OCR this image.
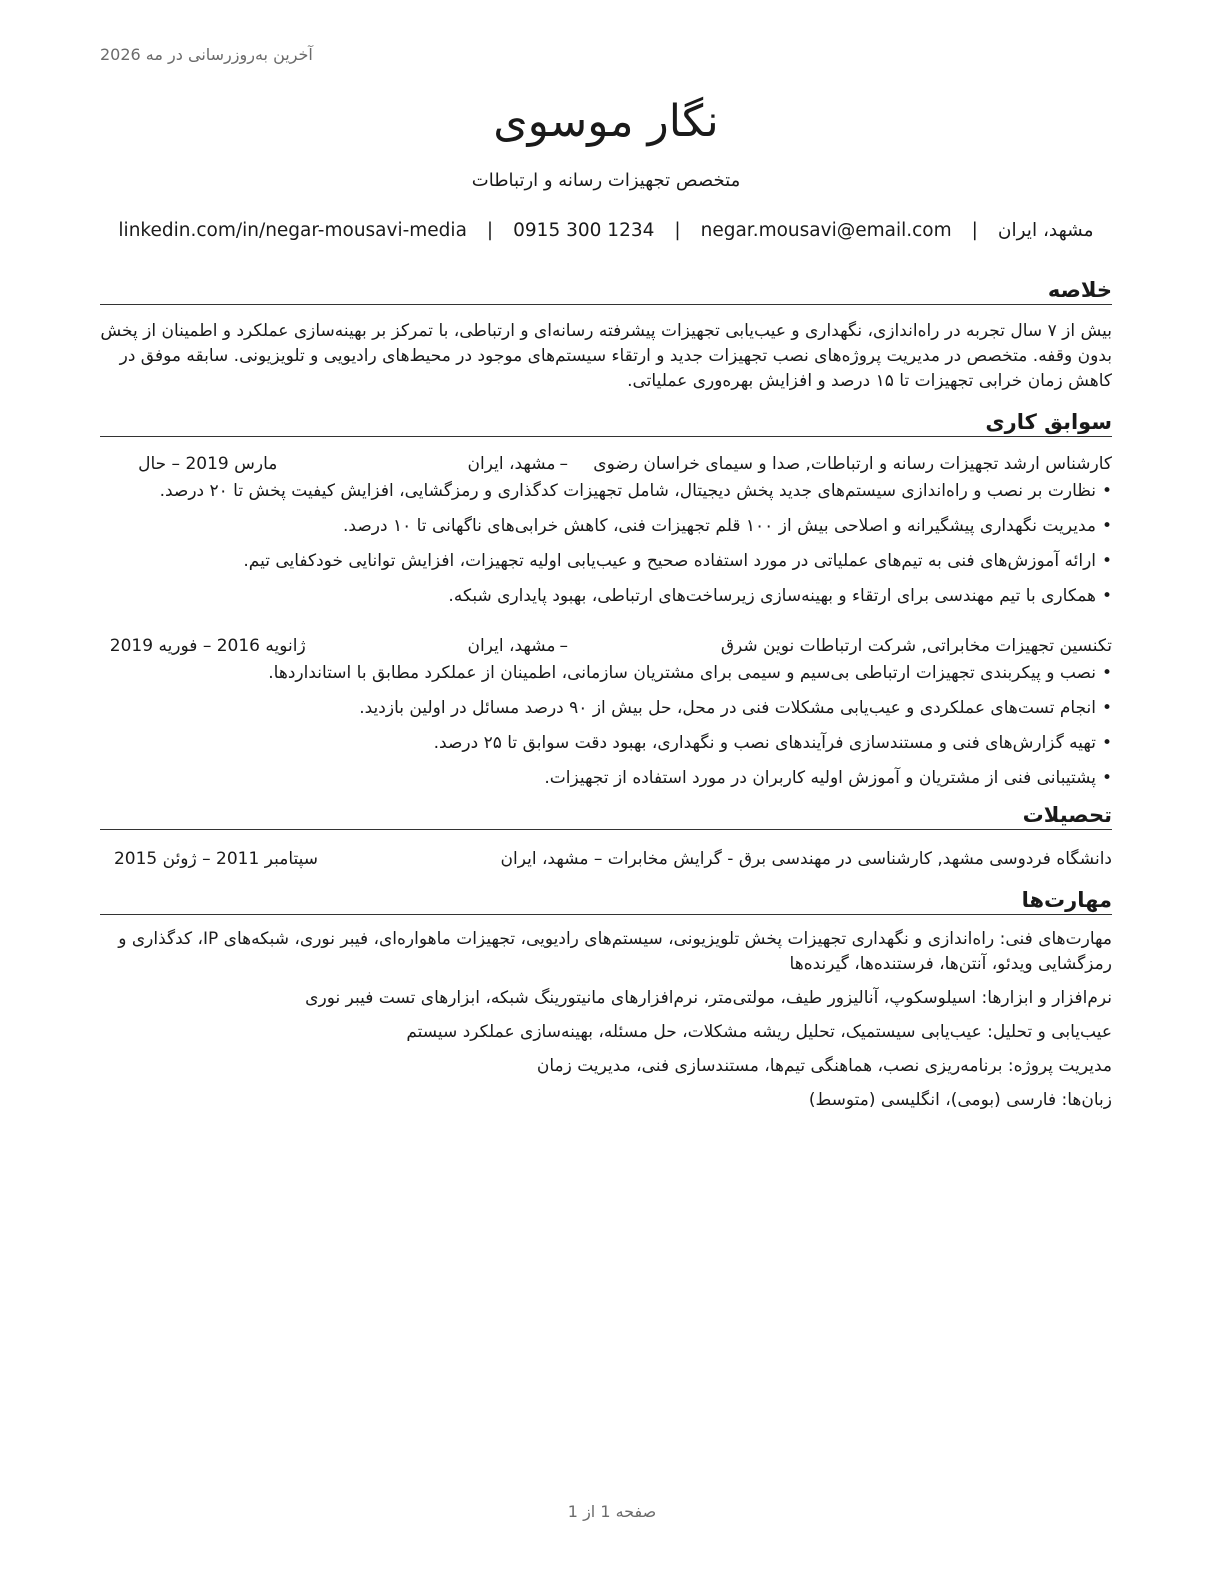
آخرین به‌روزرسانی در مه 2026
نگار موسوی
متخصص تجهیزات رسانه و ارتباطات
مشهد، ایران
|
negar.mousavi@email.com
|
0915 300 1234
|
linkedin.com/in/negar-mousavi-media
خلاصه
بیش از ۷ سال تجربه در راه‌اندازی، نگهداری و عیب‌یابی تجهیزات پیشرفته رسانه‌ای و ارتباطی، با تمرکز بر بهینه‌سازی عملکرد و اطمینان از پخش بدون وقفه. متخصص در مدیریت پروژه‌های نصب تجهیزات جدید و ارتقاء سیستم‌های موجود در محیط‌های رادیویی و تلویزیونی. سابقه موفق در کاهش زمان خرابی تجهیزات تا ۱۵ درصد و افزایش بهره‌وری عملیاتی.
سوابق کاری
کارشناس ارشد تجهیزات رسانه و ارتباطات, صدا و سیمای خراسان رضوی
–
مشهد، ایران
مارس 2019 – حال
•
نظارت بر نصب و راه‌اندازی سیستم‌های جدید پخش دیجیتال، شامل تجهیزات کدگذاری و رمزگشایی، افزایش کیفیت پخش تا ۲۰ درصد.
•
مدیریت نگهداری پیشگیرانه و اصلاحی بیش از ۱۰۰ قلم تجهیزات فنی، کاهش خرابی‌های ناگهانی تا ۱۰ درصد.
•
ارائه آموزش‌های فنی به تیم‌های عملیاتی در مورد استفاده صحیح و عیب‌یابی اولیه تجهیزات، افزایش توانایی خودکفایی تیم.
•
همکاری با تیم مهندسی برای ارتقاء و بهینه‌سازی زیرساخت‌های ارتباطی، بهبود پایداری شبکه.
تکنسین تجهیزات مخابراتی, شرکت ارتباطات نوین شرق
–
مشهد، ایران
ژانویه 2016 – فوریه 2019
•
نصب و پیکربندی تجهیزات ارتباطی بی‌سیم و سیمی برای مشتریان سازمانی، اطمینان از عملکرد مطابق با استانداردها.
•
انجام تست‌های عملکردی و عیب‌یابی مشکلات فنی در محل، حل بیش از ۹۰ درصد مسائل در اولین بازدید.
•
تهیه گزارش‌های فنی و مستندسازی فرآیندهای نصب و نگهداری، بهبود دقت سوابق تا ۲۵ درصد.
•
پشتیبانی فنی از مشتریان و آموزش اولیه کاربران در مورد استفاده از تجهیزات.
تحصیلات
دانشگاه فردوسی مشهد, کارشناسی در مهندسی برق - گرایش مخابرات – مشهد، ایران
سپتامبر 2011 – ژوئن 2015
مهارت‌ها
مهارت‌های فنی: راه‌اندازی و نگهداری تجهیزات پخش تلویزیونی، سیستم‌های رادیویی، تجهیزات ماهواره‌ای، فیبر نوری، شبکه‌های IP، کدگذاری و رمزگشایی ویدئو، آنتن‌ها، فرستنده‌ها، گیرنده‌ها
نرم‌افزار و ابزارها: اسیلوسکوپ، آنالیزور طیف، مولتی‌متر، نرم‌افزارهای مانیتورینگ شبکه، ابزارهای تست فیبر نوری
عیب‌یابی و تحلیل: عیب‌یابی سیستمیک، تحلیل ریشه مشکلات، حل مسئله، بهینه‌سازی عملکرد سیستم
مدیریت پروژه: برنامه‌ریزی نصب، هماهنگی تیم‌ها، مستندسازی فنی، مدیریت زمان
زبان‌ها: فارسی (بومی)، انگلیسی (متوسط)
صفحه 1 از 1
